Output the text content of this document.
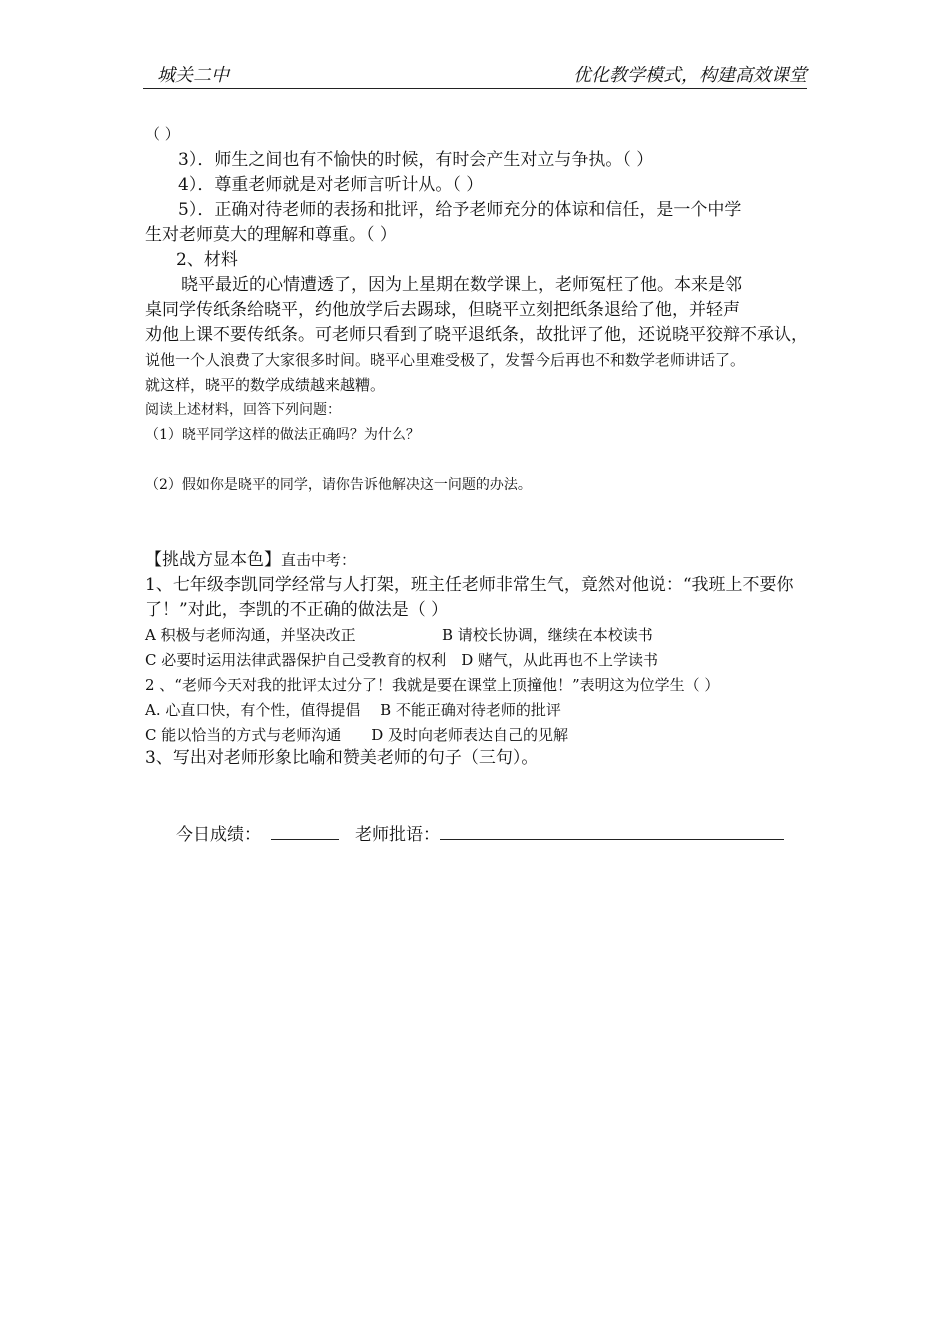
城关二中	优化教学模式，构建高效课堂
（ ）
3）．师生之间也有不愉快的时候，有时会产生对立与争执。（ ）
4）．尊重老师就是对老师言听计从。（ ）
5）．正确对待老师的表扬和批评，给予老师充分的体谅和信任，是一个中学
生对老师莫大的理解和尊重。（ ）
2、材料
晓平最近的心情遭透了，因为上星期在数学课上，老师冤枉了他。本来是邻
桌同学传纸条给晓平，约他放学后去踢球，但晓平立刻把纸条退给了他，并轻声
劝他上课不要传纸条。可老师只看到了晓平退纸条，故批评了他，还说晓平狡辩不承认，
说他一个人浪费了大家很多时间。晓平心里难受极了，发誓今后再也不和数学老师讲话了。
就这样，晓平的数学成绩越来越糟。
阅读上述材料，回答下列问题：
（1）晓平同学这样的做法正确吗？为什么？
（2）假如你是晓平的同学，请你告诉他解决这一问题的办法。
【挑战方显本色】直击中考：
1、七年级李凯同学经常与人打架，班主任老师非常生气，竟然对他说：“我班上不要你
了！”对此，李凯的不正确的做法是（ ）
A 积极与老师沟通，并坚决改正	B 请校长协调，继续在本校读书
C 必要时运用法律武器保护自己受教育的权利　D 赌气，从此再也不上学读书
2 、“老师今天对我的批评太过分了！我就是要在课堂上顶撞他！”表明这为位学生（ ）
A. 心直口快，有个性，值得提倡　 B 不能正确对待老师的批评
C 能以恰当的方式与老师沟通　　D 及时向老师表达自己的见解
3、写出对老师形象比喻和赞美老师的句子（三句）。
今日成绩：	老师批语：
